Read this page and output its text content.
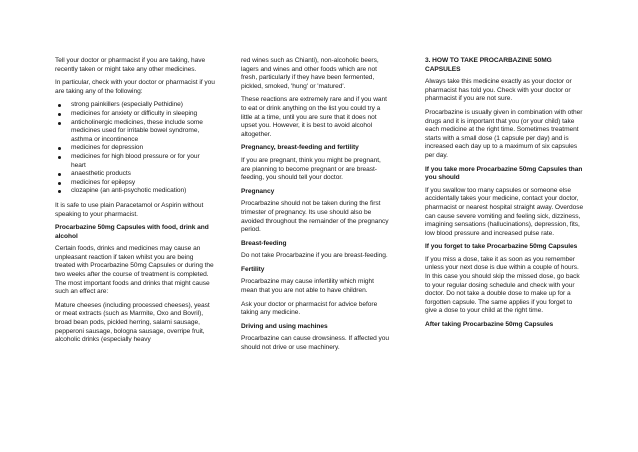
Tell your doctor or pharmacist if you are taking, have recently taken or might take any other medicines.

In particular, check with your doctor or pharmacist if you are taking any of the following:

strong painkillers (especially Pethidine)
medicines for anxiety or difficulty in sleeping
anticholinergic medicines, these include some medicines used for irritable bowel syndrome, asthma or incontinence
medicines for depression
medicines for high blood pressure or for your heart
anaesthetic products
medicines for epilepsy
clozapine (an anti-psychotic medication)

It is safe to use plain Paracetamol or Aspirin without speaking to your pharmacist.

Procarbazine 50mg Capsules with food, drink and alcohol

Certain foods, drinks and medicines may cause an unpleasant reaction if taken whilst you are being treated with Procarbazine 50mg Capsules or during the two weeks after the course of treatment is completed. The most important foods and drinks that might cause such an effect are:

Mature cheeses (including processed cheeses), yeast or meat extracts (such as Marmite, Oxo and Bovril), broad bean pods, pickled herring, salami sausage, pepperoni sausage, bologna sausage, overripe fruit, alcoholic drinks (especially heavy

red wines such as Chianti), non-alcoholic beers, lagers and wines and other foods which are not fresh, particularly if they have been fermented, pickled, smoked, 'hung' or 'matured'.

These reactions are extremely rare and if you want to eat or drink anything on the list you could try a little at a time, until you are sure that it does not upset you. However, it is best to avoid alcohol altogether.

Pregnancy, breast-feeding and fertility

If you are pregnant, think you might be pregnant, are planning to become pregnant or are breast-feeding, you should tell your doctor.

Pregnancy

Procarbazine should not be taken during the first trimester of pregnancy. Its use should also be avoided throughout the remainder of the pregnancy period.

Breast-feeding

Do not take Procarbazine if you are breast-feeding.

Fertility

Procarbazine may cause infertility which might mean that you are not able to have children.

Ask your doctor or pharmacist for advice before taking any medicine.

Driving and using machines

Procarbazine can cause drowsiness. If affected you should not drive or use machinery.

3. HOW TO TAKE PROCARBAZINE 50MG CAPSULES

Always take this medicine exactly as your doctor or pharmacist has told you. Check with your doctor or pharmacist if you are not sure.

Procarbazine is usually given in combination with other drugs and it is important that you (or your child) take each medicine at the right time. Sometimes treatment starts with a small dose (1 capsule per day) and is increased each day up to a maximum of six capsules per day.

If you take more Procarbazine 50mg Capsules than you should

If you swallow too many capsules or someone else accidentally takes your medicine, contact your doctor, pharmacist or nearest hospital straight away. Overdose can cause severe vomiting and feeling sick, dizziness, imagining sensations (hallucinations), depression, fits, low blood pressure and increased pulse rate.

If you forget to take Procarbazine 50mg Capsules

If you miss a dose, take it as soon as you remember unless your next dose is due within a couple of hours. In this case you should skip the missed dose, go back to your regular dosing schedule and check with your doctor. Do not take a double dose to make up for a forgotten capsule. The same applies if you forget to give a dose to your child at the right time.

After taking Procarbazine 50mg Capsules
